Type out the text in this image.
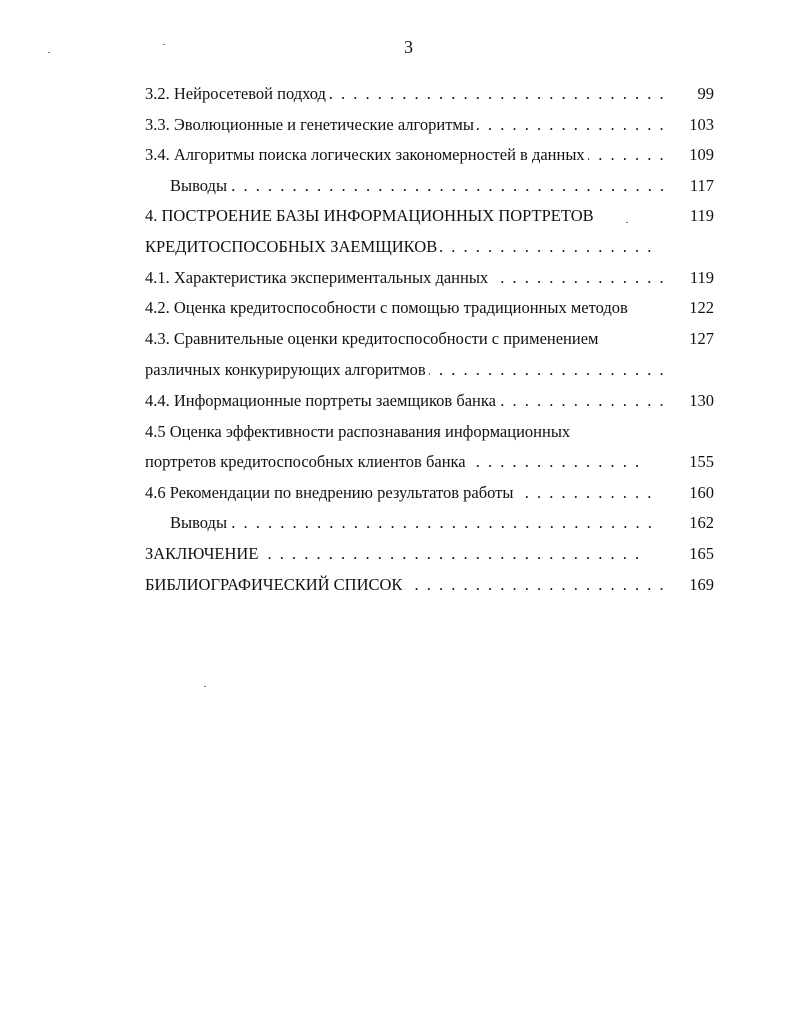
3
. . .
3.2. Нейросетевой подход	99
. . .
3.3. Эволюционные и генетические алгоритмы	103
. . .
3.4. Алгоритмы поиска логических закономерностей в данных	109
. . .
Выводы	117
4. ПОСТРОЕНИЕ БАЗЫ ИНФОРМАЦИОННЫХ ПОРТРЕТОВ	119
. . .
КРЕДИТОСПОСОБНЫХ ЗАЕМЩИКОВ
. . .
4.1. Характеристика экспериментальных данных	119
4.2. Оценка кредитоспособности с помощью традиционных методов	122
4.3. Сравнительные оценки кредитоспособности с применением	127
. . .
различных конкурирующих алгоритмов
. . .
4.4. Информационные портреты заемщиков банка	130
4.5 Оценка эффективности распознавания информационных
. . .
портретов кредитоспособных клиентов банка	155
. . .
4.6 Рекомендации по внедрению результатов работы	160
. . .
Выводы	162
. . .
ЗАКЛЮЧЕНИЕ	165
. . .
БИБЛИОГРАФИЧЕСКИЙ СПИСОК	169
